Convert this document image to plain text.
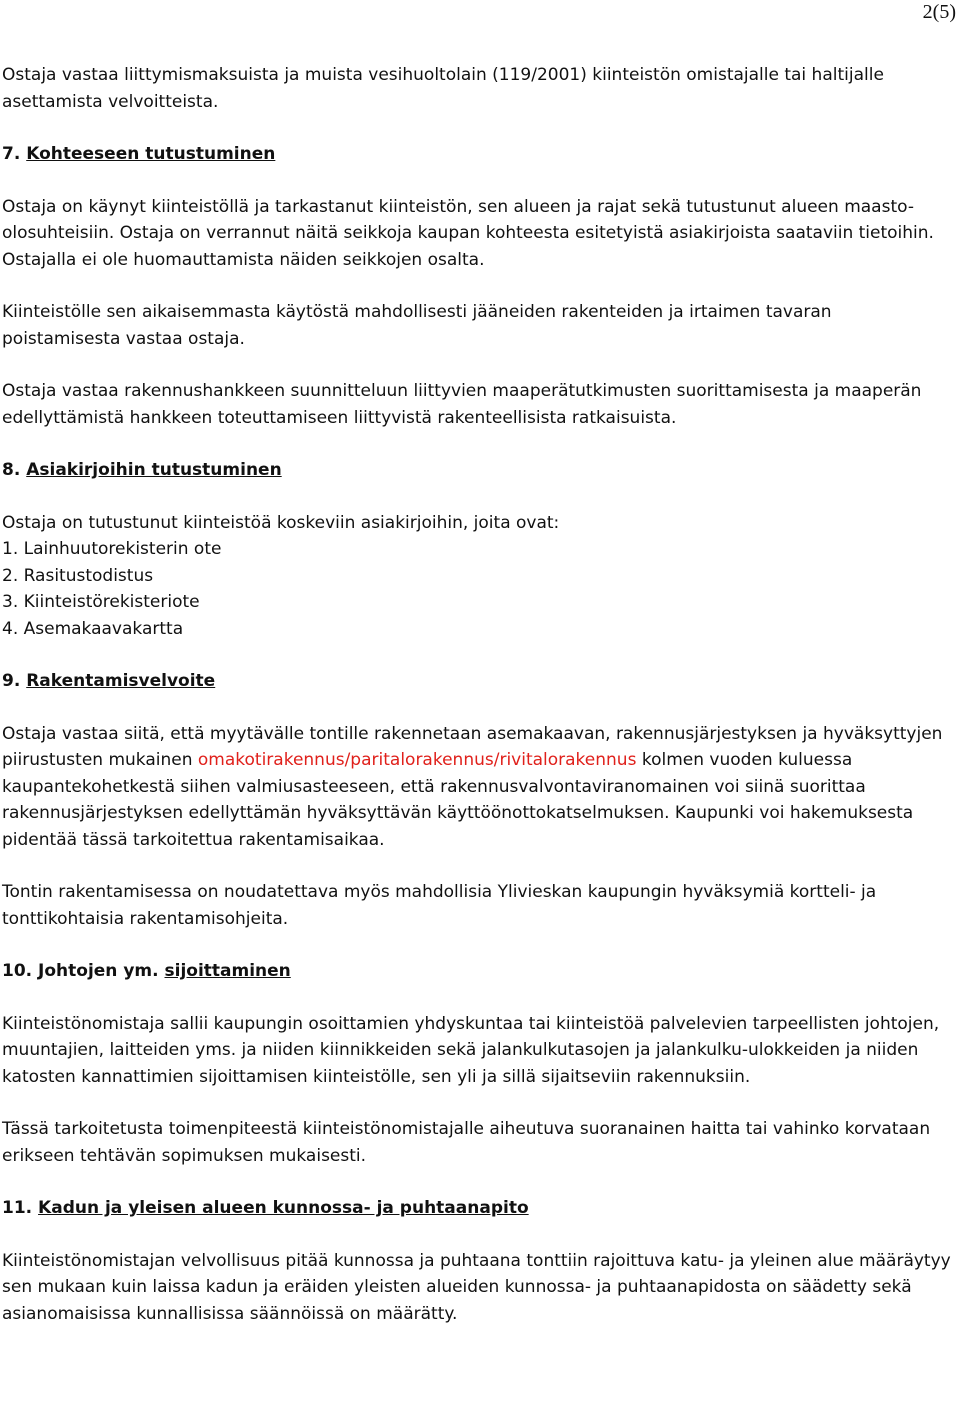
2(5)

Ostaja vastaa liittymismaksuista ja muista vesihuoltolain (119/2001) kiinteistön omistajalle tai haltijalle asettamista velvoitteista.

7. Kohteeseen tutustuminen

Ostaja on käynyt kiinteistöllä ja tarkastanut kiinteistön, sen alueen ja rajat sekä tutustunut alueen maasto-olosuhteisiin. Ostaja on verrannut näitä seikkoja kaupan kohteesta esitetyistä asiakirjoista saataviin tietoihin. Ostajalla ei ole huomauttamista näiden seikkojen osalta.

Kiinteistölle sen aikaisemmasta käytöstä mahdollisesti jääneiden rakenteiden ja irtaimen tavaran poistamisesta vastaa ostaja.

Ostaja vastaa rakennushankkeen suunnitteluun liittyvien maaperätutkimusten suorittamisesta ja maaperän edellyttämistä hankkeen toteuttamiseen liittyvistä rakenteellisista ratkaisuista.

8. Asiakirjoihin tutustuminen
Ostaja on tutustunut kiinteistöä koskeviin asiakirjoihin, joita ovat:
1. Lainhuutorekisterin ote
2. Rasitustodistus
3. Kiinteistörekisteriote
4. Asemakaavakartta
9. Rakentamisvelvoite

Ostaja vastaa siitä, että myytävälle tontille rakennetaan asemakaavan, rakennusjärjestyksen ja hyväksyttyjen piirustusten mukainen omakotirakennus/paritalorakennus/rivitalorakennus kolmen vuoden kuluessa kaupantekohetkestä siihen valmiusasteeseen, että rakennusvalvontaviranomainen voi siinä suorittaa rakennusjärjestyksen edellyttämän hyväksyttävän käyttöönottokatselmuksen. Kaupunki voi hakemuksesta pidentää tässä tarkoitettua rakentamisaikaa.

Tontin rakentamisessa on noudatettava myös mahdollisia Ylivieskan kaupungin hyväksymiä kortteli- ja tonttikohtaisia rakentamisohjeita.

10. Johtojen ym. sijoittaminen

Kiinteistönomistaja sallii kaupungin osoittamien yhdyskuntaa tai kiinteistöä palvelevien tarpeellisten johtojen, muuntajien, laitteiden yms. ja niiden kiinnikkeiden sekä jalankulkutasojen ja jalankulku-ulokkeiden ja niiden katosten kannattimien sijoittamisen kiinteistölle, sen yli ja sillä sijaitseviin rakennuksiin.

Tässä tarkoitetusta toimenpiteestä kiinteistönomistajalle aiheutuva suoranainen haitta tai vahinko korvataan erikseen tehtävän sopimuksen mukaisesti.

11. Kadun ja yleisen alueen kunnossa- ja puhtaanapito

Kiinteistönomistajan velvollisuus pitää kunnossa ja puhtaana tonttiin rajoittuva katu- ja yleinen alue määräytyy sen mukaan kuin laissa kadun ja eräiden yleisten alueiden kunnossa- ja puhtaanapidosta on säädetty sekä asianomaisissa kunnallisissa säännöissä on määrätty.
